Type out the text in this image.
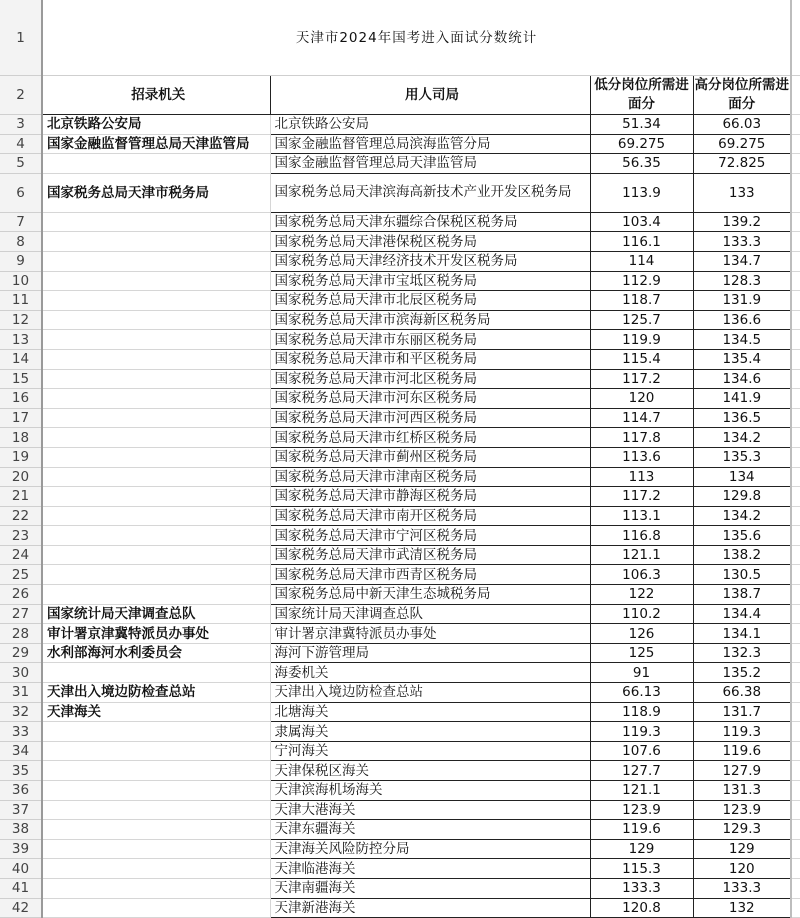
1	天津市2024年国考进入面试分数统计				
2	招录机关	用人司局	低分岗位所需进面分	高分岗位所需进面分	
3	北京铁路公安局	北京铁路公安局	51.34	66.03	
4	国家金融监督管理总局天津监管局	国家金融监督管理总局滨海监管分局	69.275	69.275	
5		国家金融监督管理总局天津监管局	56.35	72.825	
6	国家税务总局天津市税务局	国家税务总局天津滨海高新技术产业开发区税务局	113.9	133	
7		国家税务总局天津东疆综合保税区税务局	103.4	139.2	
8		国家税务总局天津港保税区税务局	116.1	133.3	
9		国家税务总局天津经济技术开发区税务局	114	134.7	
10		国家税务总局天津市宝坻区税务局	112.9	128.3	
11		国家税务总局天津市北辰区税务局	118.7	131.9	
12		国家税务总局天津市滨海新区税务局	125.7	136.6	
13		国家税务总局天津市东丽区税务局	119.9	134.5	
14		国家税务总局天津市和平区税务局	115.4	135.4	
15		国家税务总局天津市河北区税务局	117.2	134.6	
16		国家税务总局天津市河东区税务局	120	141.9	
17		国家税务总局天津市河西区税务局	114.7	136.5	
18		国家税务总局天津市红桥区税务局	117.8	134.2	
19		国家税务总局天津市蓟州区税务局	113.6	135.3	
20		国家税务总局天津市津南区税务局	113	134	
21		国家税务总局天津市静海区税务局	117.2	129.8	
22		国家税务总局天津市南开区税务局	113.1	134.2	
23		国家税务总局天津市宁河区税务局	116.8	135.6	
24		国家税务总局天津市武清区税务局	121.1	138.2	
25		国家税务总局天津市西青区税务局	106.3	130.5	
26		国家税务总局中新天津生态城税务局	122	138.7	
27	国家统计局天津调查总队	国家统计局天津调查总队	110.2	134.4	
28	审计署京津冀特派员办事处	审计署京津冀特派员办事处	126	134.1	
29	水利部海河水利委员会	海河下游管理局	125	132.3	
30		海委机关	91	135.2	
31	天津出入境边防检查总站	天津出入境边防检查总站	66.13	66.38	
32	天津海关	北塘海关	118.9	131.7	
33		隶属海关	119.3	119.3	
34		宁河海关	107.6	119.6	
35		天津保税区海关	127.7	127.9	
36		天津滨海机场海关	121.1	131.3	
37		天津大港海关	123.9	123.9	
38		天津东疆海关	119.6	129.3	
39		天津海关风险防控分局	129	129	
40		天津临港海关	115.3	120	
41		天津南疆海关	133.3	133.3	
42		天津新港海关	120.8	132	
